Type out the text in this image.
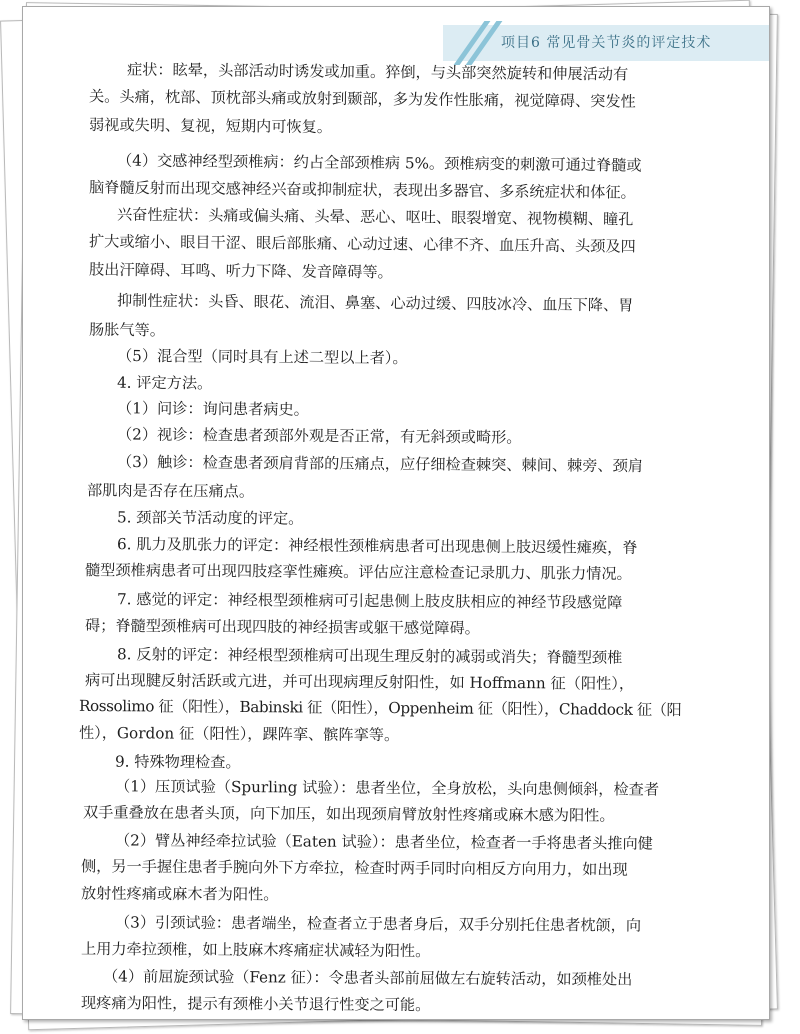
项目6 常见骨关节炎的评定技术
症状：眩晕，头部活动时诱发或加重。猝倒，与头部突然旋转和伸展活动有
关。头痛，枕部、顶枕部头痛或放射到颞部，多为发作性胀痛，视觉障碍、突发性
弱视或失明、复视，短期内可恢复。
（4）交感神经型颈椎病：约占全部颈椎病 5%。颈椎病变的刺激可通过脊髓或
脑脊髓反射而出现交感神经兴奋或抑制症状，表现出多器官、多系统症状和体征。
兴奋性症状：头痛或偏头痛、头晕、恶心、呕吐、眼裂增宽、视物模糊、瞳孔
扩大或缩小、眼目干涩、眼后部胀痛、心动过速、心律不齐、血压升高、头颈及四
肢出汗障碍、耳鸣、听力下降、发音障碍等。
抑制性症状：头昏、眼花、流泪、鼻塞、心动过缓、四肢冰冷、血压下降、胃
肠胀气等。
（5）混合型（同时具有上述二型以上者）。
4. 评定方法。
（1）问诊：询问患者病史。
（2）视诊：检查患者颈部外观是否正常，有无斜颈或畸形。
（3）触诊：检查患者颈肩背部的压痛点，应仔细检查棘突、棘间、棘旁、颈肩
部肌肉是否存在压痛点。
5. 颈部关节活动度的评定。
6. 肌力及肌张力的评定：神经根性颈椎病患者可出现患侧上肢迟缓性瘫痪，脊
髓型颈椎病患者可出现四肢痉挛性瘫痪。评估应注意检查记录肌力、肌张力情况。
7. 感觉的评定：神经根型颈椎病可引起患侧上肢皮肤相应的神经节段感觉障
碍；脊髓型颈椎病可出现四肢的神经损害或躯干感觉障碍。
8. 反射的评定：神经根型颈椎病可出现生理反射的减弱或消失；脊髓型颈椎
病可出现腱反射活跃或亢进，并可出现病理反射阳性，如 Hoffmann 征（阳性），
Rossolimo 征（阳性），Babinski 征（阳性），Oppenheim 征（阳性），Chaddock 征（阳
性），Gordon 征（阳性），踝阵挛、髌阵挛等。
9. 特殊物理检查。
（1）压顶试验（Spurling 试验）：患者坐位，全身放松，头向患侧倾斜，检查者
双手重叠放在患者头顶，向下加压，如出现颈肩臂放射性疼痛或麻木感为阳性。
（2）臂丛神经牵拉试验（Eaten 试验）：患者坐位，检查者一手将患者头推向健
侧，另一手握住患者手腕向外下方牵拉，检查时两手同时向相反方向用力，如出现
放射性疼痛或麻木者为阳性。
（3）引颈试验：患者端坐，检查者立于患者身后，双手分别托住患者枕颌，向
上用力牵拉颈椎，如上肢麻木疼痛症状减轻为阳性。
（4）前屈旋颈试验（Fenz 征）：令患者头部前屈做左右旋转活动，如颈椎处出
现疼痛为阳性，提示有颈椎小关节退行性变之可能。
